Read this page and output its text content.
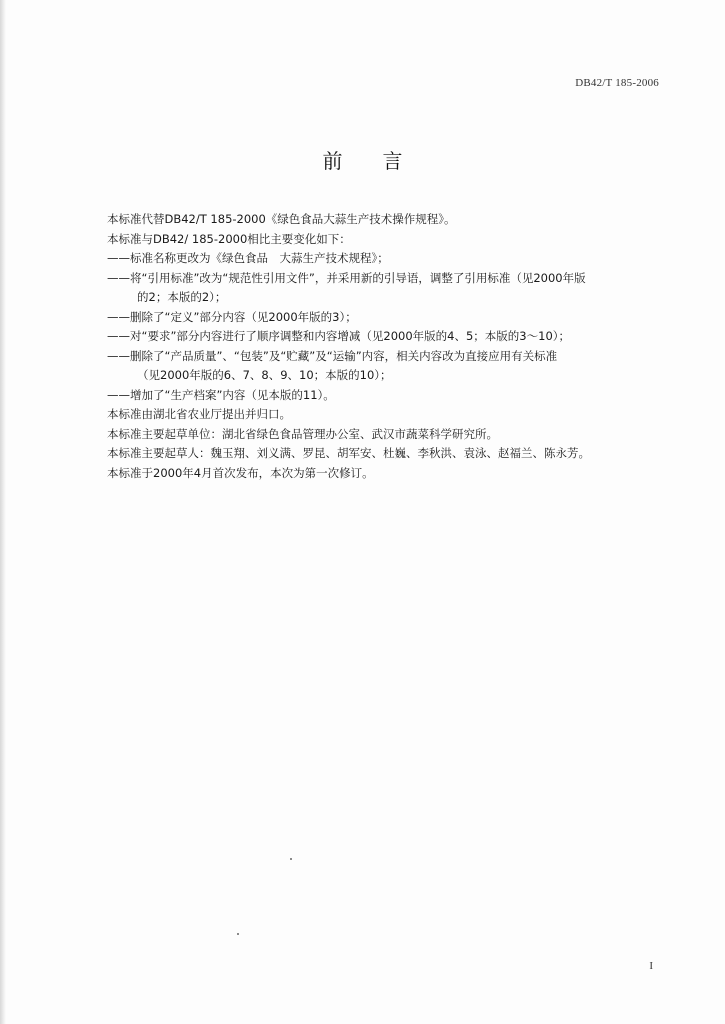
DB42/T 185-2006
前言
本标准代替DB42/T 185-2000《绿色食品大蒜生产技术操作规程》。
本标准与DB42/ 185-2000相比主要变化如下：
——标准名称更改为《绿色食品　大蒜生产技术规程》；
——将“引用标准”改为“规范性引用文件”，并采用新的引导语，调整了引用标准（见2000年版
的2；本版的2）；
——删除了“定义”部分内容（见2000年版的3）；
——对“要求”部分内容进行了顺序调整和内容增减（见2000年版的4、5；本版的3～10）；
——删除了“产品质量”、“包装”及“贮藏”及“运输”内容，相关内容改为直接应用有关标准
（见2000年版的6、7、8、9、10；本版的10）；
——增加了“生产档案”内容（见本版的11）。
本标准由湖北省农业厅提出并归口。
本标准主要起草单位：湖北省绿色食品管理办公室、武汉市蔬菜科学研究所。
本标准主要起草人：魏玉翔、刘义满、罗昆、胡军安、杜巍、李秋洪、袁泳、赵福兰、陈永芳。
本标准于2000年4月首次发布，本次为第一次修订。
I
